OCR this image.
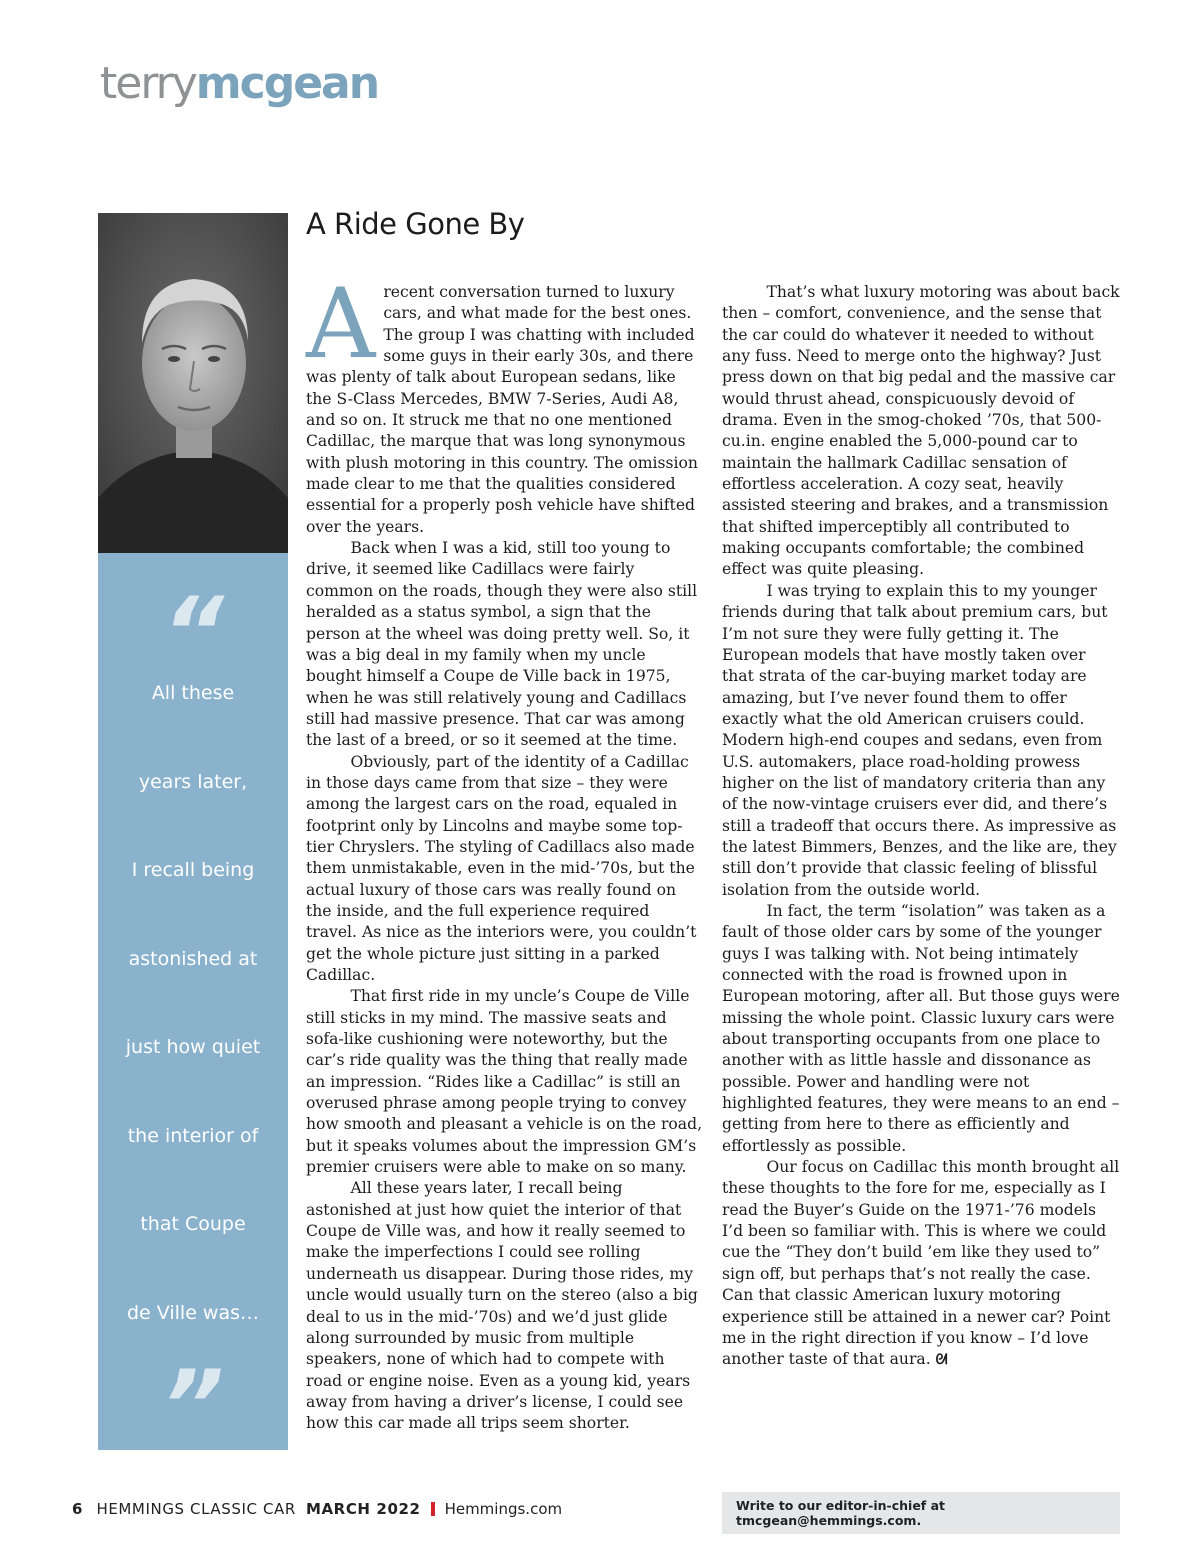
terrymcgean
“
All these
years later,
I recall being
astonished at
just how quiet
the interior of
that Coupe
de Ville was…
”
A Ride Gone By

Arecent conversation turned to luxury cars, and what made for the best ones. The group I was chatting with included some guys in their early 30s, and there was plenty of talk about European sedans, like the S-Class Mercedes, BMW 7-Series, Audi A8, and so on. It struck me that no one mentioned Cadillac, the marque that was long synonymous with plush motoring in this country. The omission made clear to me that the qualities considered essential for a properly posh vehicle have shifted over the years.

Back when I was a kid, still too young to drive, it seemed like Cadillacs were fairly common on the roads, though they were also still heralded as a status symbol, a sign that the person at the wheel was doing pretty well. So, it was a big deal in my family when my uncle bought himself a Coupe de Ville back in 1975, when he was still relatively young and Cadillacs still had massive presence. That car was among the last of a breed, or so it seemed at the time.

Obviously, part of the identity of a Cadillac in those days came from that size – they were among the largest cars on the road, equaled in footprint only by Lincolns and maybe some top-tier Chryslers. The styling of Cadillacs also made them unmistakable, even in the mid-’70s, but the actual luxury of those cars was really found on the inside, and the full experience required travel. As nice as the interiors were, you couldn’t get the whole picture just sitting in a parked Cadillac.

That first ride in my uncle’s Coupe de Ville still sticks in my mind. The massive seats and sofa-like cushioning were noteworthy, but the car’s ride quality was the thing that really made an impression. “Rides like a Cadillac” is still an overused phrase among people trying to convey how smooth and pleasant a vehicle is on the road, but it speaks volumes about the impression GM’s premier cruisers were able to make on so many.

All these years later, I recall being astonished at just how quiet the interior of that Coupe de Ville was, and how it really seemed to make the imperfections I could see rolling underneath us disappear. During those rides, my uncle would usually turn on the stereo (also a big deal to us in the mid-’70s) and we’d just glide along surrounded by music from multiple speakers, none of which had to compete with road or engine noise. Even as a young kid, years away from having a driver’s license, I could see how this car made all trips seem shorter.

That’s what luxury motoring was about back then – comfort, convenience, and the sense that the car could do whatever it needed to without any fuss. Need to merge onto the highway? Just press down on that big pedal and the massive car would thrust ahead, conspicuously devoid of drama. Even in the smog-choked ’70s, that 500-cu.in. engine enabled the 5,000-pound car to maintain the hallmark Cadillac sensation of effortless acceleration. A cozy seat, heavily assisted steering and brakes, and a transmission that shifted imperceptibly all contributed to making occupants comfortable; the combined effect was quite pleasing.

I was trying to explain this to my younger friends during that talk about premium cars, but I’m not sure they were fully getting it. The European models that have mostly taken over that strata of the car-buying market today are amazing, but I’ve never found them to offer exactly what the old American cruisers could. Modern high-end coupes and sedans, even from U.S. automakers, place road-holding prowess higher on the list of mandatory criteria than any of the now-vintage cruisers ever did, and there’s still a tradeoff that occurs there. As impressive as the latest Bimmers, Benzes, and the like are, they still don’t provide that classic feeling of blissful isolation from the outside world.

In fact, the term “isolation” was taken as a fault of those older cars by some of the younger guys I was talking with. Not being intimately connected with the road is frowned upon in European motoring, after all. But those guys were missing the whole point. Classic luxury cars were about transporting occupants from one place to another with as little hassle and dissonance as possible. Power and handling were not highlighted features, they were means to an end – getting from here to there as efficiently and effortlessly as possible.

Our focus on Cadillac this month brought all these thoughts to the fore for me, especially as I read the Buyer’s Guide on the 1971-’76 models I’d been so familiar with. This is where we could cue the “They don’t build ’em like they used to” sign off, but perhaps that’s not really the case. Can that classic American luxury motoring experience still be attained in a newer car? Point me in the right direction if you know – I’d love another taste of that aura. ᘛ

Write to our editor-in-chief at tmcgean@hemmings.com.
6 HEMMINGS CLASSIC CAR MARCH 2022 Hemmings.com
